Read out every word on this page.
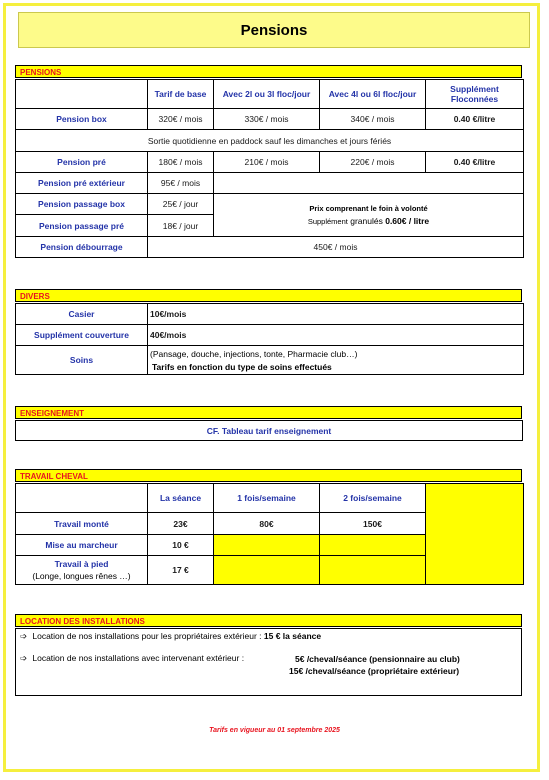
Pensions
PENSIONS
	Tarif de base	Avec 2l ou 3l floc/jour	Avec 4l ou 6l floc/jour	Supplément Floconnées
Pension box	320€ / mois	330€ / mois	340€ / mois	0.40 €/litre
Sortie quotidienne en paddock sauf les dimanches et jours fériés				
Pension pré	180€ / mois	210€ / mois	220€ / mois	0.40 €/litre
Pension pré extérieur	95€ / mois			
Pension passage box	25€ / jour	Prix comprenant le foin à volonté
Supplément granulés 0.60€ / litre		

Pension passage pré	18€ / jour			
Pension débourrage	450€ / mois			
DIVERS
Casier	10€/mois
Supplément couverture	40€/mois
Soins	(Pansage, douche, injections, tonte, Pharmacie club…)
Tarifs en fonction du type de soins effectués
ENSEIGNEMENT
CF. Tableau tarif enseignement
TRAVAIL CHEVAL
	La séance	1 fois/semaine	2 fois/semaine	
Travail monté	23€	80€	150€	
Mise au marcheur	10 €			

Travail à pied
(Longe, longues rênes …)	17 €			
LOCATION DES INSTALLATIONS
➩ Location de nos installations pour les propriétaires extérieur : 15 € la séance
➩ Location de nos installations avec intervenant extérieur :	5€ /cheval/séance (pensionnaire au club)
15€ /cheval/séance (propriétaire extérieur)
Tarifs en vigueur au 01 septembre 2025
